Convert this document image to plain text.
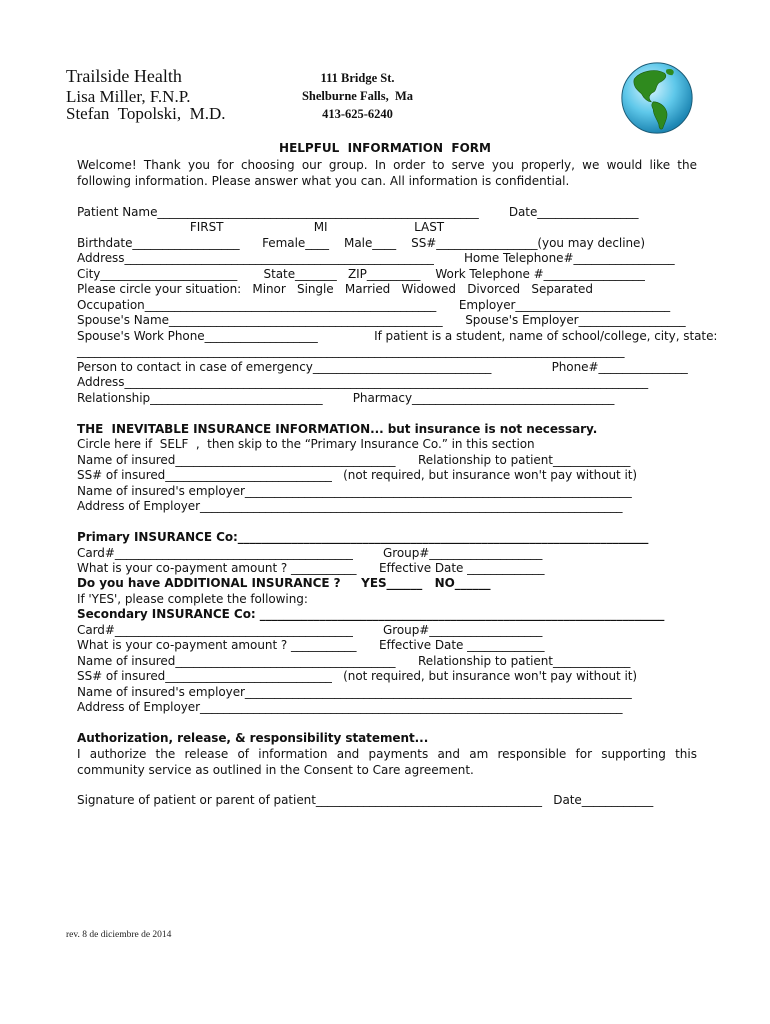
Trailside Health
Lisa Miller, F.N.P.
Stefan  Topolski,  M.D.
111 Bridge St.
Shelburne Falls,  Ma
413-625-6240
HELPFUL  INFORMATION  FORM
Welcome! Thank you for choosing our group. In order to serve you properly, we would like the following information. Please answer what you can. All information is confidential.
Patient Name______________________________________________________        Date_________________
FIRST                        MI                       LAST
Birthdate__________________      Female____    Male____    SS#_________________(you may decline)
Address____________________________________________________        Home Telephone#_________________
City_______________________       State_______   ZIP_________    Work Telephone #_________________
Please circle your situation:   Minor   Single   Married   Widowed   Divorced   Separated
Occupation_________________________________________________      Employer__________________________
Spouse's Name______________________________________________      Spouse's Employer__________________
Spouse's Work Phone___________________               If patient is a student, name of school/college, city, state:
____________________________________________________________________________________________
Person to contact in case of emergency______________________________                Phone#_______________
Address________________________________________________________________________________________
Relationship_____________________________        Pharmacy__________________________________
THE  INEVITABLE INSURANCE INFORMATION... but insurance is not necessary.
Circle here if  SELF  ,  then skip to the “Primary Insurance Co.” in this section
Name of insured_____________________________________      Relationship to patient_____________
SS# of insured____________________________   (not required, but insurance won't pay without it)
Name of insured's employer_________________________________________________________________
Address of Employer_______________________________________________________________________
Primary INSURANCE Co:_____________________________________________________________________
Card#________________________________________        Group#___________________
What is your co-payment amount ? ___________      Effective Date _____________
Do you have ADDITIONAL INSURANCE ?     YES______   NO______
If 'YES', please complete the following:
Secondary INSURANCE Co: ____________________________________________________________________
Card#________________________________________        Group#___________________
What is your co-payment amount ? ___________      Effective Date _____________
Name of insured_____________________________________      Relationship to patient_____________
SS# of insured____________________________   (not required, but insurance won't pay without it)
Name of insured's employer_________________________________________________________________
Address of Employer_______________________________________________________________________
Authorization, release, & responsibility statement...
I authorize the release of information and payments and am responsible for supporting this community service as outlined in the Consent to Care agreement.
Signature of patient or parent of patient______________________________________   Date____________
rev. 8 de diciembre de 2014
